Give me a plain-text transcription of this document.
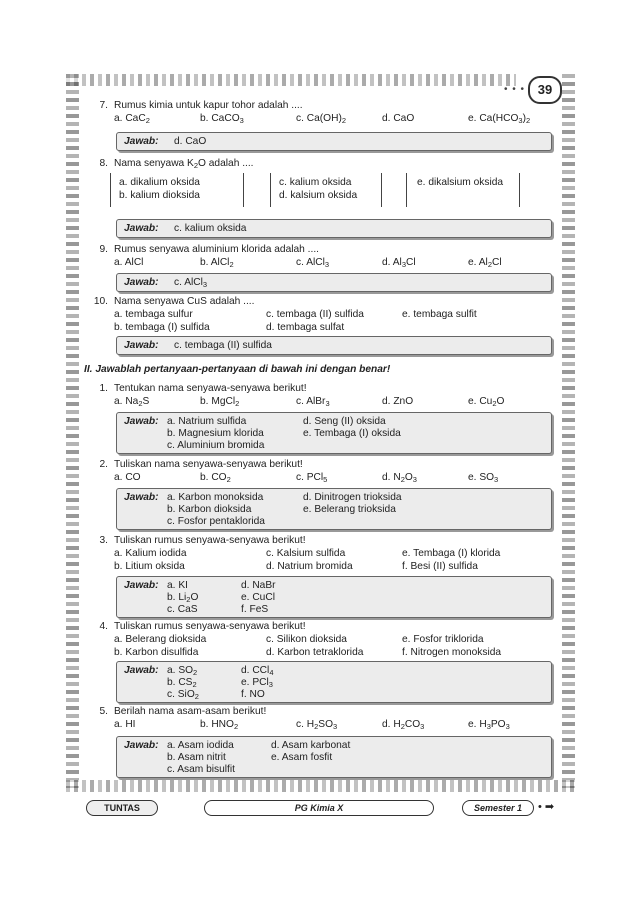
• • • 39
7. Rumus kimia untuk kapur tohor adalah ....
a. CaC$_2$	b. CaCO$_3$	c. $Ca(OH)_2$	d. CaO	e. $Ca(HCO_3)_2$
Jawab: d. CaO
8. Nama senyawa $K_2O$ adalah ....
a. dikalium oksida
b. kalium dioksida
c. kalium oksida
d. kalsium oksida
e. dikalsium oksida
Jawab: c. kalium oksida
9. Rumus senyawa aluminium klorida adalah ....
a. AlCl	b. AlCl$_2$	c. AlCl$_3$	d. $Al_3Cl$	e. $Al_2Cl$
Jawab: c. AlCl$_3$
10. Nama senyawa CuS adalah ....
a. tembaga sulfur	c. tembaga (II) sulfida	e. tembaga sulfit
b. tembaga (I) sulfida	d. tembaga sulfat
Jawab: c. tembaga (II) sulfida
II. Jawablah pertanyaan-pertanyaan di bawah ini dengan benar!
1. Tentukan nama senyawa-senyawa berikut!
a. $Na_2S$	b. MgCl$_2$	c. AlBr$_3$	d. ZnO	e. $Cu_2O$
Jawab: a. Natrium sulfida
b. Magnesium klorida
c. Aluminium bromida
d. Seng (II) oksida
e. Tembaga (I) oksida
2. Tuliskan nama senyawa-senyawa berikut!
a. CO	b. $CO_2$	c. PCl$_5$	d. $N_2O_3$	e. $SO_3$
Jawab: a. Karbon monoksida
b. Karbon dioksida
c. Fosfor pentaklorida
d. Dinitrogen trioksida
e. Belerang trioksida
3. Tuliskan rumus senyawa-senyawa berikut!
a. Kalium iodida	c. Kalsium sulfida	e. Tembaga (I) klorida
b. Litium oksida	d. Natrium bromida	f. Besi (II) sulfida
Jawab: a. KI
b. $Li_2O$
c. CaS
d. NaBr
e. CuCl
f. FeS
4. Tuliskan rumus senyawa-senyawa berikut!
a. Belerang dioksida	c. Silikon dioksida	e. Fosfor triklorida
b. Karbon disulfida	d. Karbon tetraklorida	f. Nitrogen monoksida
Jawab: a. $SO_2$
b. $CS_2$
c. SiO$_2$
d. CCl$_4$
e. PCl$_3$
f. NO
5. Berilah nama asam-asam berikut!
a. HI	b. $HNO_2$	c. $H_2SO_3$	d. $H_2CO_3$	e. $H_3PO_3$
Jawab: a. Asam iodida
b. Asam nitrit
c. Asam bisulfit
d. Asam karbonat
e. Asam fosfit
TUNTAS	PG Kimia X	Semester 1	• ➡
